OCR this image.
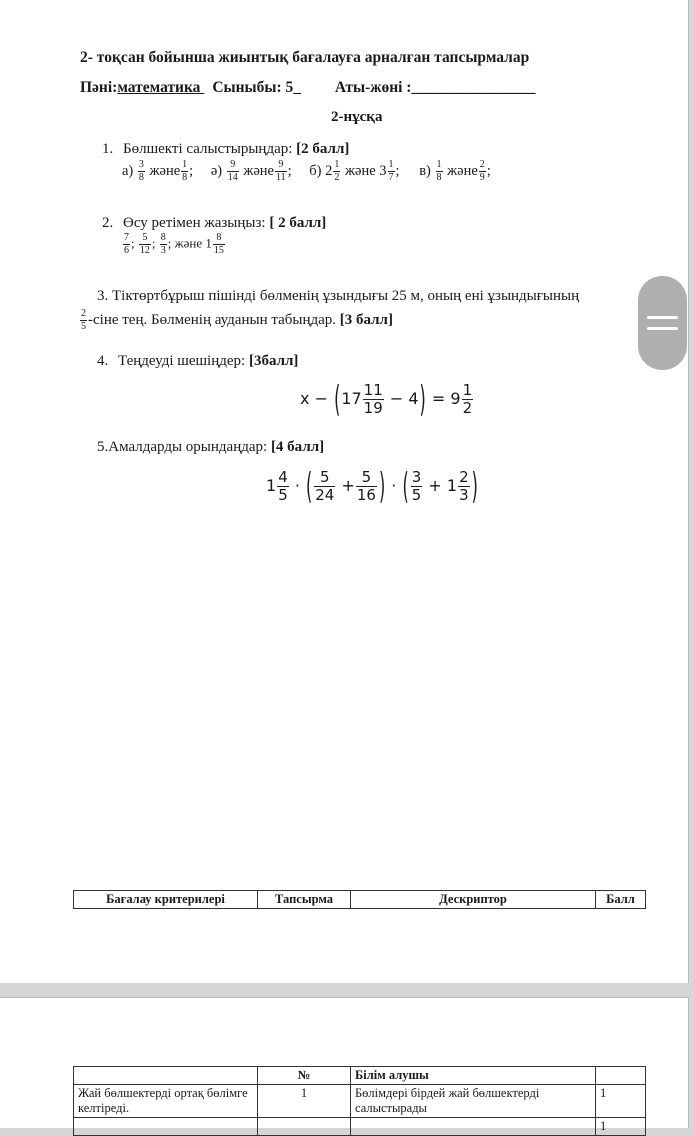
2- тоқсан бойынша жиынтық бағалауға арналған тапсырмалар
Пәні:математика Сыныбы: 5	Аты-жөні :________________
2-нұсқа
1. Бөлшекті салыстырыңдар: [2 балл]
$а) \frac{3}{8}$ және $\frac{1}{8}$ ; $ә) \frac{9}{14}$ және $\frac{9}{11}$ ; б) $2 \frac{1}{2}$ және $3 \frac{1}{7}$ ; $в) \frac{1}{8}$ және $\frac{2}{9}$ ;
2. Өсу ретімен жазыңыз: [ 2 балл]
$\frac{7}{6}$ ; $\frac{5}{12}$ ; $\frac{8}{3}$ ; және $1 \frac{8}{15}$
3. Тіктөртбұрыш пішінді бөлменің ұзындығы 25 м, оның ені ұзындығының
$\frac{2}{5}$ -сіне тең. Бөлменің ауданын табыңдар. [3 балл]
4. Теңдеуді шешіңдер: [3балл]
$x - (17 \frac{11}{19} - 4) = 9 \frac{1}{2}$
5.Амалдарды орындаңдар: [4 балл]
$1 \frac{4}{5}$ · ( $\frac{5}{24} + \frac{5}{16}$ ) · ( $\frac{3}{5} + 1 \frac{2}{3}$ )
Бағалау критерилері	Тапсырма	Дескриптор	Балл
	№	Білім алушы	
Жай бөлшектерді ортақ бөлімге келтіреді.	1	Бөлімдері бірдей жай бөлшектерді салыстырады	1
			1
